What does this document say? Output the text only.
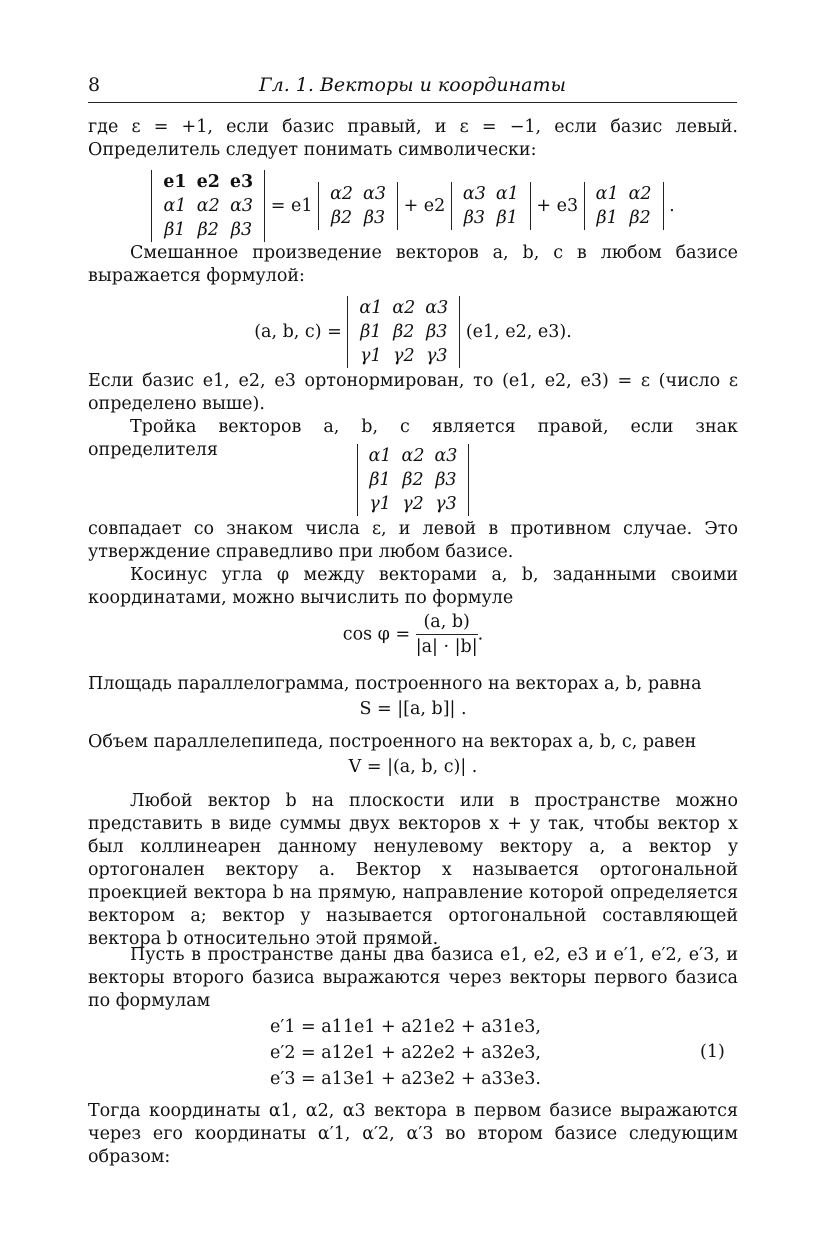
8	Гл. 1. Векторы и координаты
где ε = +1, если базис правый, и ε = −1, если базис левый. Определитель следует понимать символически:
e1	e2	e3
α1	α2	α3
β1	β2	β3
= e1
α2	α3
β2	β3
+ e2
α3	α1
β3	β1
+ e3
α1	α2
β1	β2
.
Смешанное произведение векторов a, b, c в любом базисе выражается формулой:
(a, b, c) =
α1	α2	α3
β1	β2	β3
γ1	γ2	γ3
(e1, e2, e3).
Если базис e1, e2, e3 ортонормирован, то (e1, e2, e3) = ε (число ε определено выше).
Тройка векторов a, b, c является правой, если знак определителя	α1	α2	α3
β1	β2	β3
γ1	γ2	γ3
совпадает со знаком числа ε, и левой в противном случае. Это утверждение справедливо при любом базисе.
Косинус угла φ между векторами a, b, заданными своими координатами, можно вычислить по формуле
$\cos \varphi = \frac{(a, b)}{|a| \cdot |b|}$ .
Площадь параллелограмма, построенного на векторах a, b, равна
S = |[a, b]| .
Объем параллелепипеда, построенного на векторах a, b, c, равен
V = |(a, b, c)| .
Любой вектор b на плоскости или в пространстве можно представить в виде суммы двух векторов x + y так, чтобы вектор x был коллинеарен данному ненулевому вектору a, а вектор y ортогонален вектору a. Вектор x называется ортогональной проекцией вектора b на прямую, направление которой определяется вектором a; вектор y называется ортогональной составляющей вектора b относительно этой прямой.
Пусть в пространстве даны два базиса e1, e2, e3 и e′1, e′2, e′3, и векторы второго базиса выражаются через векторы первого базиса по формулам
e′1 = a11e1 + a21e2 + a31e3,
e′2 = a12e1 + a22e2 + a32e3,
e′3 = a13e1 + a23e2 + a33e3.
(1)
Тогда координаты α1, α2, α3 вектора в первом базисе выражаются через его координаты α′1, α′2, α′3 во втором базисе следующим образом:
